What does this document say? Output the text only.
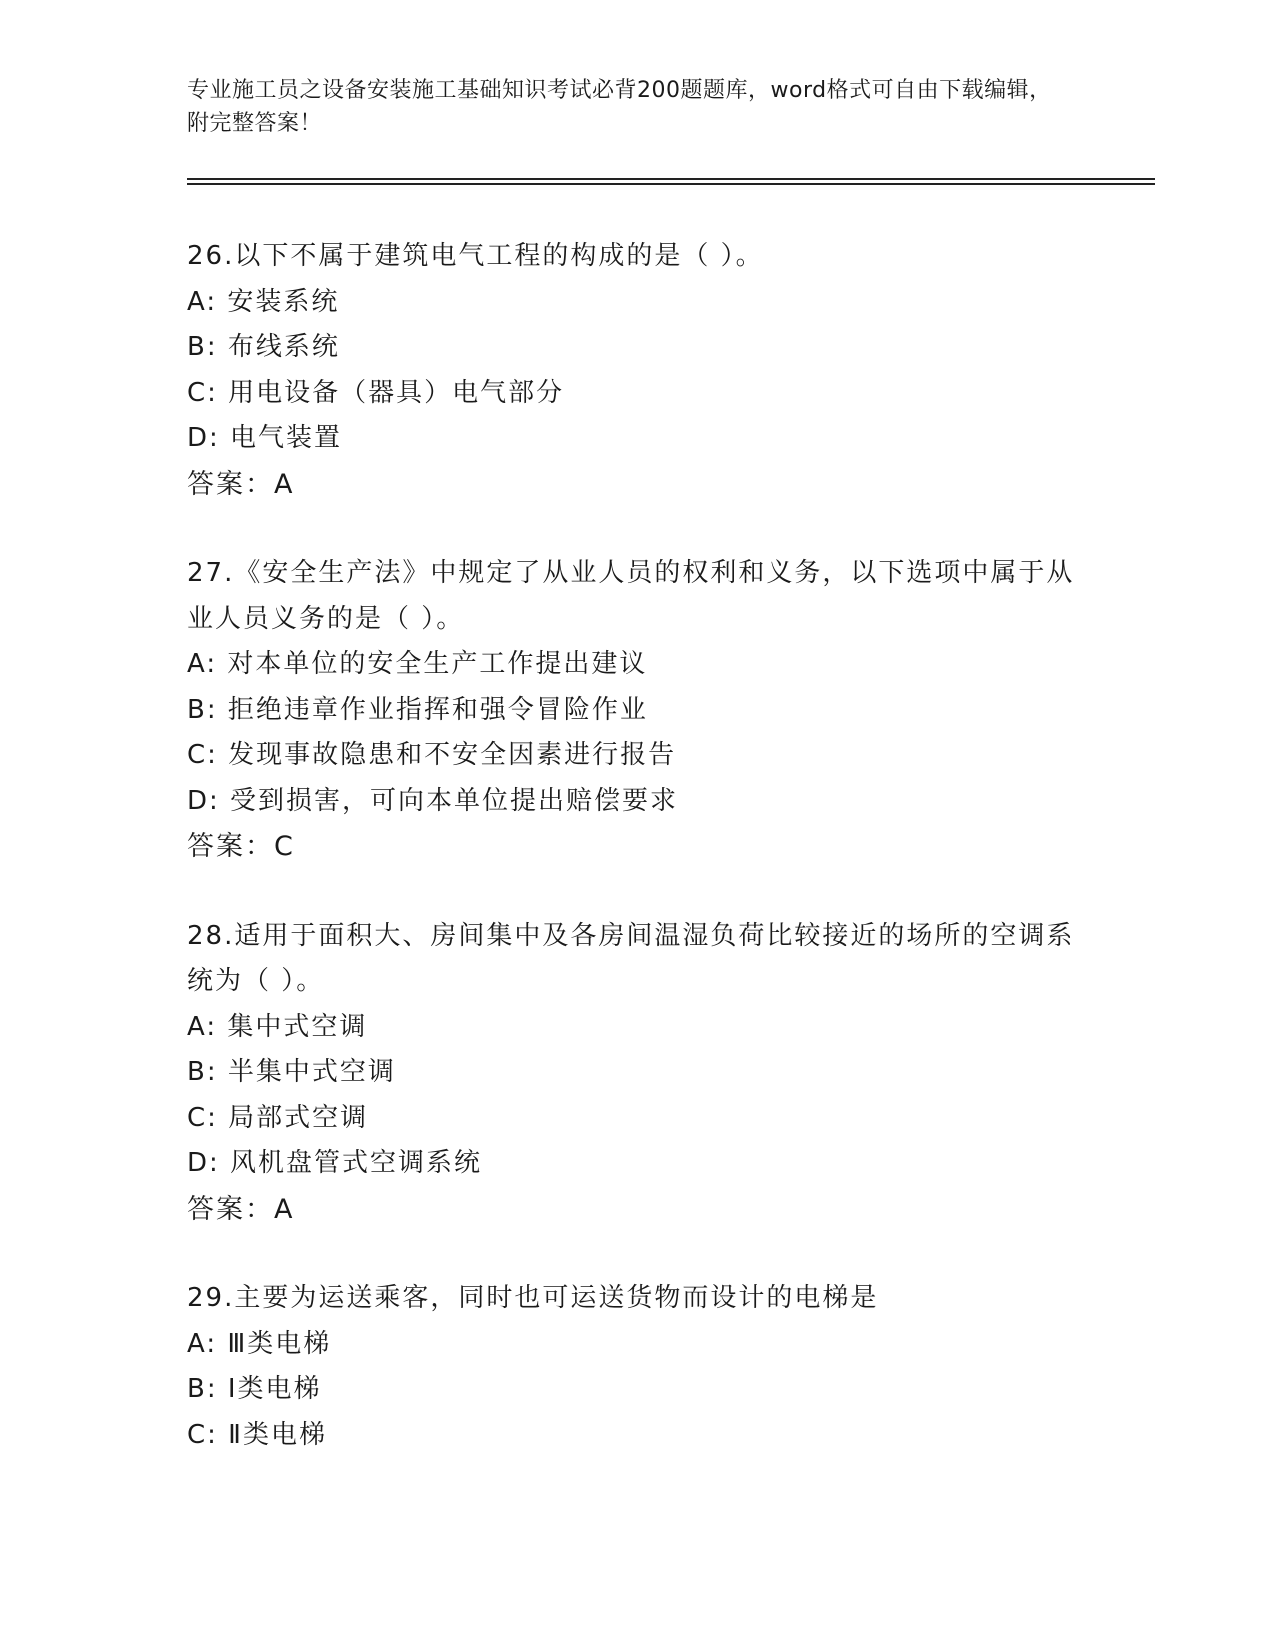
专业施工员之设备安装施工基础知识考试必背200题题库，word格式可自由下载编辑，附完整答案！
26.以下不属于建筑电气工程的构成的是（ ）。
A: 安装系统
B: 布线系统
C: 用电设备（器具）电气部分
D: 电气装置
答案：A
27.《安全生产法》中规定了从业人员的权利和义务，以下选项中属于从业人员义务的是（ ）。
A: 对本单位的安全生产工作提出建议
B: 拒绝违章作业指挥和强令冒险作业
C: 发现事故隐患和不安全因素进行报告
D: 受到损害，可向本单位提出赔偿要求
答案：C
28.适用于面积大、房间集中及各房间温湿负荷比较接近的场所的空调系统为（ ）。
A: 集中式空调
B: 半集中式空调
C: 局部式空调
D: 风机盘管式空调系统
答案：A
29.主要为运送乘客，同时也可运送货物而设计的电梯是
A: Ⅲ类电梯
B: Ⅰ类电梯
C: Ⅱ类电梯
